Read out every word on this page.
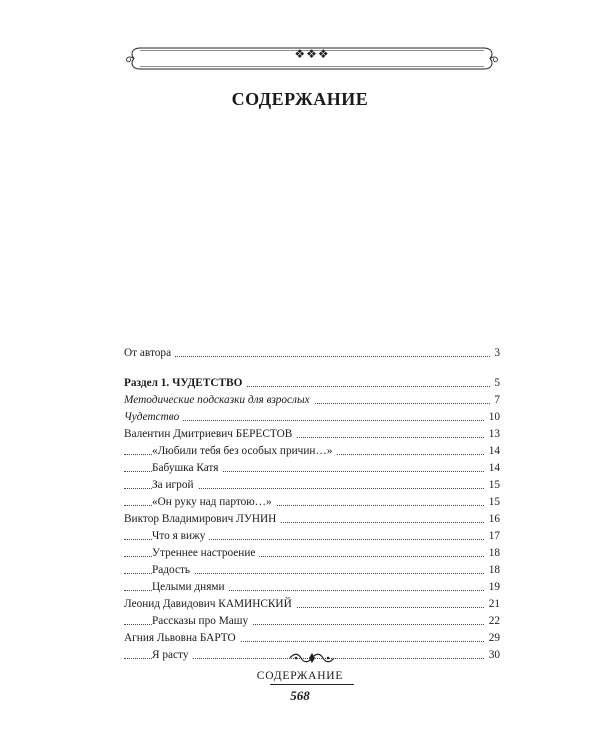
❖❖❖
СОДЕРЖАНИЕ
От автора	3
Раздел 1. ЧУДЕТСТВО	5
Методические подсказки для взрослых	7
Чудетство	10
Валентин Дмитриевич БЕРЕСТОВ	13
«Любили тебя без особых причин…»	14
Бабушка Катя	14
За игрой	15
«Он руку над партою…»	15
Виктор Владимирович ЛУНИН	16
Что я вижу	17
Утреннее настроение	18
Радость	18
Целыми днями	19
Леонид Давидович КАМИНСКИЙ	21
Рассказы про Машу	22
Агния Львовна БАРТО	29
Я расту	30
СОДЕРЖАНИЕ
568
